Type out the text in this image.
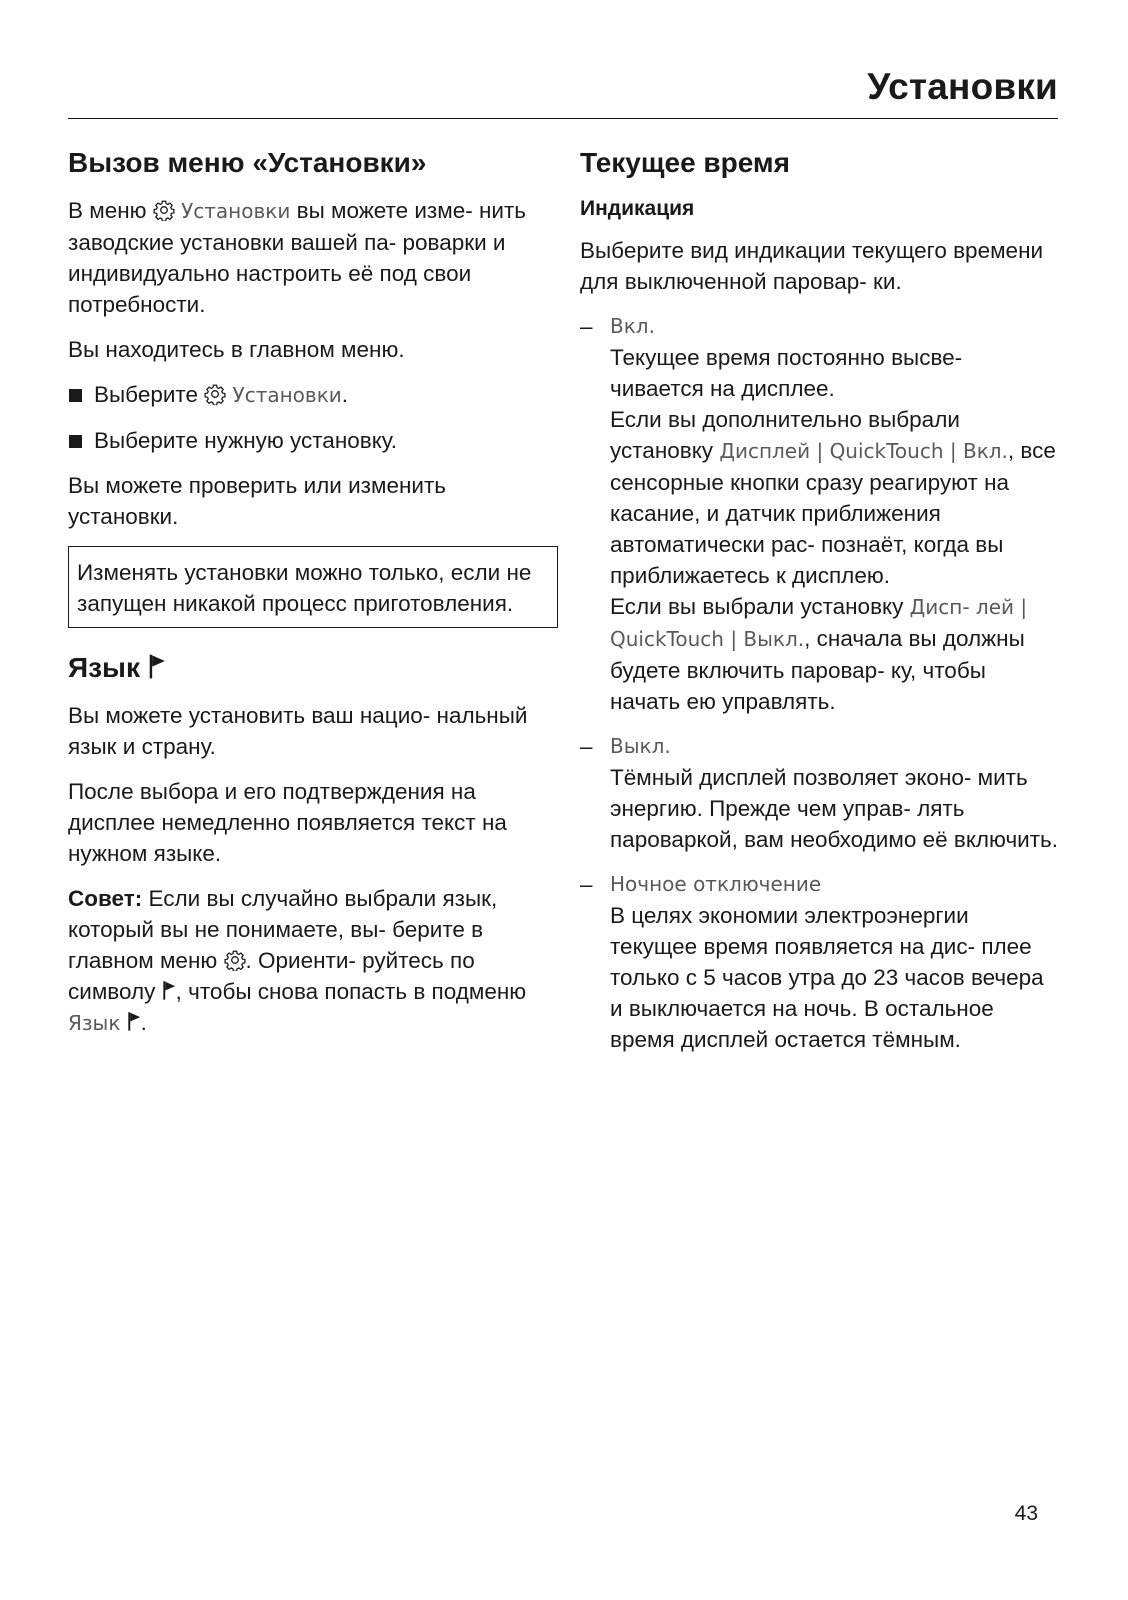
Установки
Вызов меню «Установки»

В меню Установки вы можете изме- нить заводские установки вашей па- роварки и индивидуально настроить её под свои потребности.

Вы находитесь в главном меню.

Выберите Установки.
Выберите нужную установку.

Вы можете проверить или изменить установки.

Изменять установки можно только, если не запущен никакой процесс приготовления.
Язык

Вы можете установить ваш нацио- нальный язык и страну.

После выбора и его подтверждения на дисплее немедленно появляется текст на нужном языке.

Совет: Если вы случайно выбрали язык, который вы не понимаете, вы- берите в главном меню . Ориенти- руйтесь по символу , чтобы снова попасть в подменю Язык .

Текущее время
Индикация

Выберите вид индикации текущего времени для выключенной паровар- ки.

– Вкл.
Текущее время постоянно высве- чивается на дисплее.
Если вы дополнительно выбрали установку Дисплей | QuickTouch | Вкл., все сенсорные кнопки сразу реагируют на касание, и датчик приближения автоматически рас- познаёт, когда вы приближаетесь к дисплею.
Если вы выбрали установку Дисп- лей | QuickTouch | Выкл., сначала вы должны будете включить паровар- ку, чтобы начать ею управлять.
– Выкл.
Тёмный дисплей позволяет эконо- мить энергию. Прежде чем управ- лять пароваркой, вам необходимо её включить.
– Ночное отключение
В целях экономии электроэнергии текущее время появляется на дис- плее только с 5 часов утра до 23 часов вечера и выключается на ночь. В остальное время дисплей остается тёмным.
43
